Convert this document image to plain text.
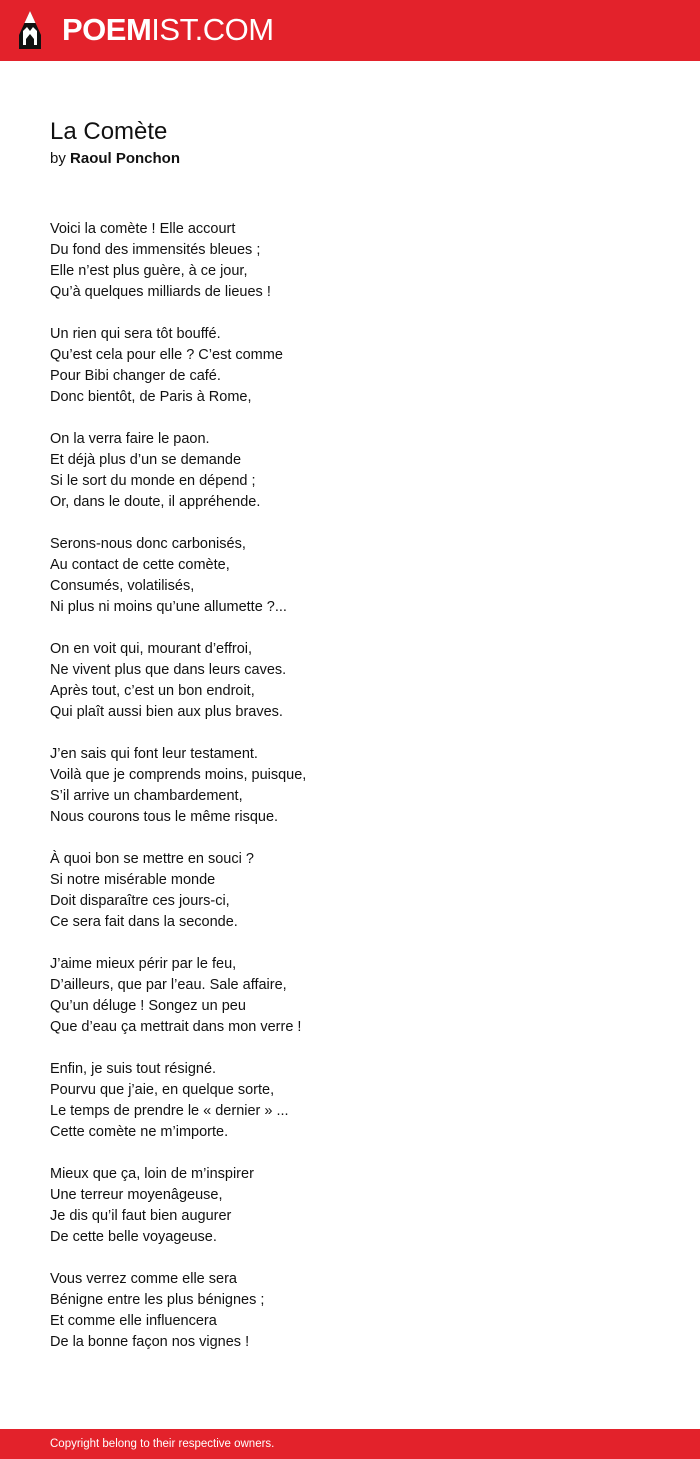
POEMIST.COM
La Comète
by Raoul Ponchon
Voici la comète ! Elle accourt
Du fond des immensités bleues ;
Elle n’est plus guère, à ce jour,
Qu’à quelques milliards de lieues !
Un rien qui sera tôt bouffé.
Qu’est cela pour elle ? C’est comme
Pour Bibi changer de café.
Donc bientôt, de Paris à Rome,
On la verra faire le paon.
Et déjà plus d’un se demande
Si le sort du monde en dépend ;
Or, dans le doute, il appréhende.
Serons-nous donc carbonisés,
Au contact de cette comète,
Consumés, volatilisés,
Ni plus ni moins qu’une allumette ?...
On en voit qui, mourant d’effroi,
Ne vivent plus que dans leurs caves.
Après tout, c’est un bon endroit,
Qui plaît aussi bien aux plus braves.
J’en sais qui font leur testament.
Voilà que je comprends moins, puisque,
S’il arrive un chambardement,
Nous courons tous le même risque.
À quoi bon se mettre en souci ?
Si notre misérable monde
Doit disparaître ces jours-ci,
Ce sera fait dans la seconde.
J’aime mieux périr par le feu,
D’ailleurs, que par l’eau. Sale affaire,
Qu’un déluge ! Songez un peu
Que d’eau ça mettrait dans mon verre !
Enfin, je suis tout résigné.
Pourvu que j’aie, en quelque sorte,
Le temps de prendre le « dernier » ...
Cette comète ne m’importe.
Mieux que ça, loin de m’inspirer
Une terreur moyenâgeuse,
Je dis qu’il faut bien augurer
De cette belle voyageuse.
Vous verrez comme elle sera
Bénigne entre les plus bénignes ;
Et comme elle influencera
De la bonne façon nos vignes !
Copyright belong to their respective owners.
